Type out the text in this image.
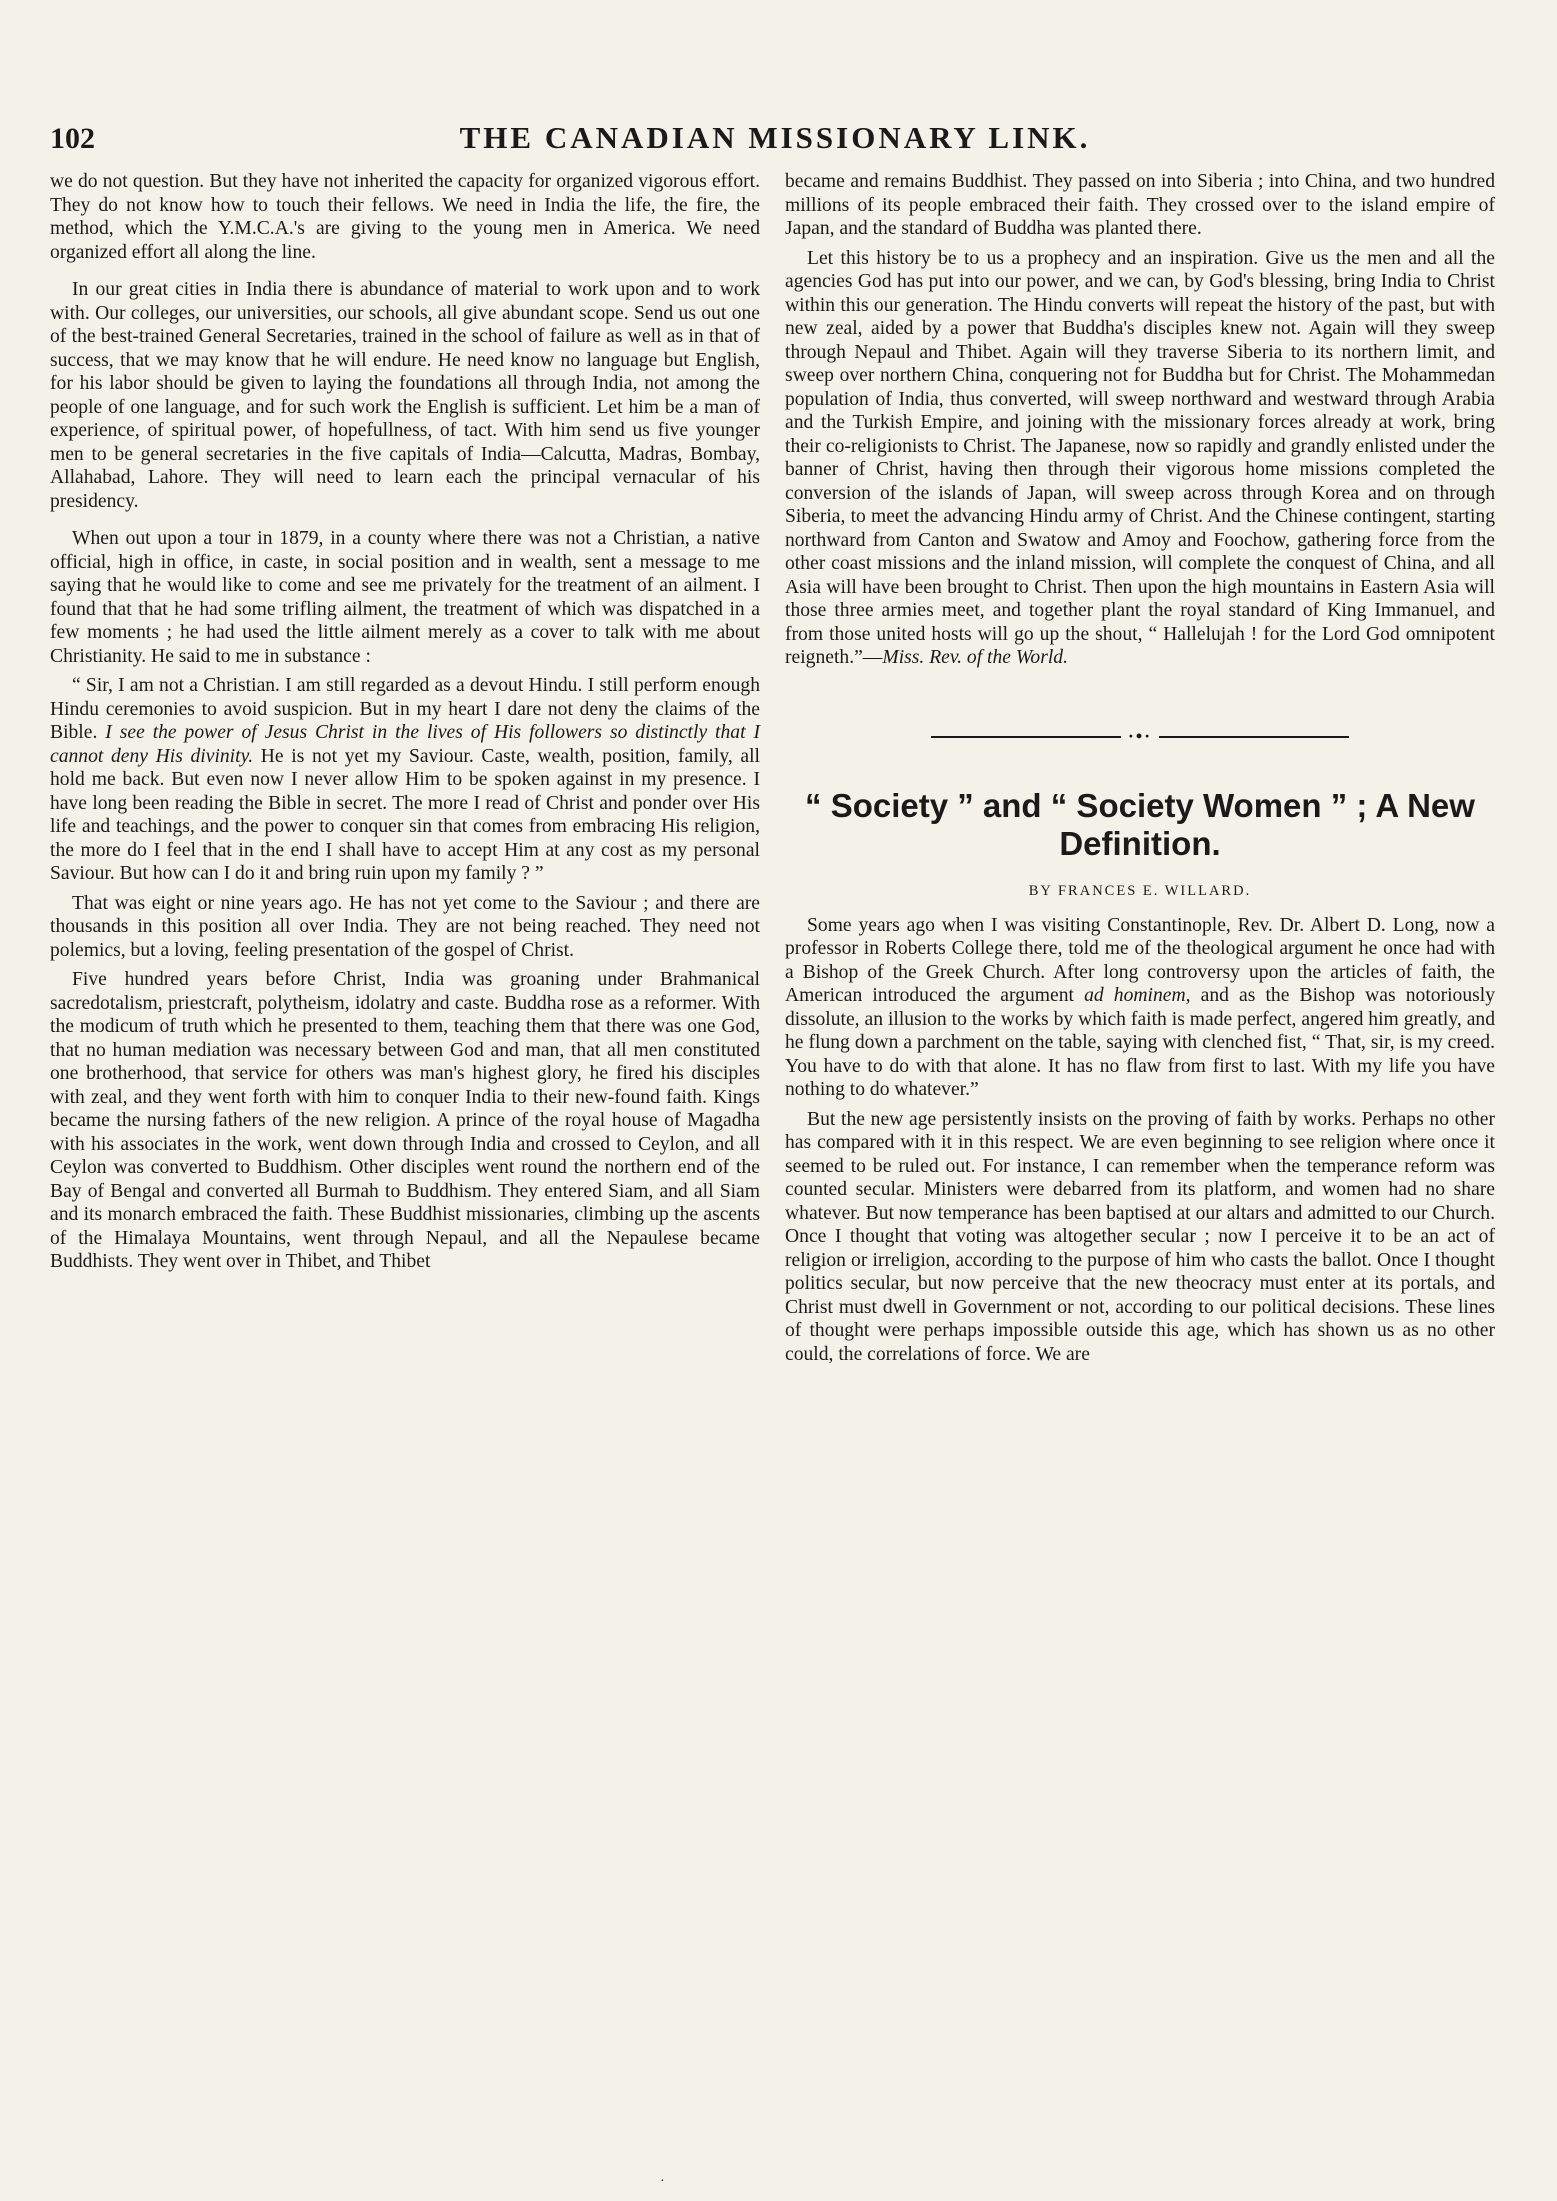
102	THE CANADIAN MISSIONARY LINK.

we do not question. But they have not inherited the capacity for organized vigorous effort. They do not know how to touch their fellows. We need in India the life, the fire, the method, which the Y.M.C.A.'s are giving to the young men in America. We need organized effort all along the line.

In our great cities in India there is abundance of material to work upon and to work with. Our colleges, our universities, our schools, all give abundant scope. Send us out one of the best-trained General Secretaries, trained in the school of failure as well as in that of success, that we may know that he will endure. He need know no language but English, for his labor should be given to laying the foundations all through India, not among the people of one language, and for such work the English is sufficient. Let him be a man of experience, of spiritual power, of hopefullness, of tact. With him send us five younger men to be general secretaries in the five capitals of India—Calcutta, Madras, Bombay, Allahabad, Lahore. They will need to learn each the principal vernacular of his presidency.

When out upon a tour in 1879, in a county where there was not a Christian, a native official, high in office, in caste, in social position and in wealth, sent a message to me saying that he would like to come and see me privately for the treatment of an ailment. I found that that he had some trifling ailment, the treatment of which was dispatched in a few moments ; he had used the little ailment merely as a cover to talk with me about Christianity. He said to me in substance :

“ Sir, I am not a Christian. I am still regarded as a devout Hindu. I still perform enough Hindu ceremonies to avoid suspicion. But in my heart I dare not deny the claims of the Bible. I see the power of Jesus Christ in the lives of His followers so distinctly that I cannot deny His divinity. He is not yet my Saviour. Caste, wealth, position, family, all hold me back. But even now I never allow Him to be spoken against in my presence. I have long been reading the Bible in secret. The more I read of Christ and ponder over His life and teachings, and the power to conquer sin that comes from embracing His religion, the more do I feel that in the end I shall have to accept Him at any cost as my personal Saviour. But how can I do it and bring ruin upon my family ? ”

That was eight or nine years ago. He has not yet come to the Saviour ; and there are thousands in this position all over India. They are not being reached. They need not polemics, but a loving, feeling presentation of the gospel of Christ.

Five hundred years before Christ, India was groaning under Brahmanical sacredotalism, priestcraft, polytheism, idolatry and caste. Buddha rose as a reformer. With the modicum of truth which he presented to them, teaching them that there was one God, that no human mediation was necessary between God and man, that all men constituted one brotherhood, that service for others was man's highest glory, he fired his disciples with zeal, and they went forth with him to conquer India to their new-found faith. Kings became the nursing fathers of the new religion. A prince of the royal house of Magadha with his associates in the work, went down through India and crossed to Ceylon, and all Ceylon was converted to Buddhism. Other disciples went round the northern end of the Bay of Bengal and converted all Burmah to Buddhism. They entered Siam, and all Siam and its monarch embraced the faith. These Buddhist missionaries, climbing up the ascents of the Himalaya Mountains, went through Nepaul, and all the Nepaulese became Buddhists. They went over in Thibet, and Thibet

became and remains Buddhist. They passed on into Siberia ; into China, and two hundred millions of its people embraced their faith. They crossed over to the island empire of Japan, and the standard of Buddha was planted there.

Let this history be to us a prophecy and an inspiration. Give us the men and all the agencies God has put into our power, and we can, by God's blessing, bring India to Christ within this our generation. The Hindu converts will repeat the history of the past, but with new zeal, aided by a power that Buddha's disciples knew not. Again will they sweep through Nepaul and Thibet. Again will they traverse Siberia to its northern limit, and sweep over northern China, conquering not for Buddha but for Christ. The Mohammedan population of India, thus converted, will sweep northward and westward through Arabia and the Turkish Empire, and joining with the missionary forces already at work, bring their co-religionists to Christ. The Japanese, now so rapidly and grandly enlisted under the banner of Christ, having then through their vigorous home missions completed the conversion of the islands of Japan, will sweep across through Korea and on through Siberia, to meet the advancing Hindu army of Christ. And the Chinese contingent, starting northward from Canton and Swatow and Amoy and Foochow, gathering force from the other coast missions and the inland mission, will complete the conquest of China, and all Asia will have been brought to Christ. Then upon the high mountains in Eastern Asia will those three armies meet, and together plant the royal standard of King Immanuel, and from those united hosts will go up the shout, “ Hallelujah ! for the Lord God omnipotent reigneth.”—Miss. Rev. of the World.

·•·
“ Society ” and “ Society Women ” ; A New Definition.
BY FRANCES E. WILLARD.

Some years ago when I was visiting Constantinople, Rev. Dr. Albert D. Long, now a professor in Roberts College there, told me of the theological argument he once had with a Bishop of the Greek Church. After long controversy upon the articles of faith, the American introduced the argument ad hominem, and as the Bishop was notoriously dissolute, an illusion to the works by which faith is made perfect, angered him greatly, and he flung down a parchment on the table, saying with clenched fist, “ That, sir, is my creed. You have to do with that alone. It has no flaw from first to last. With my life you have nothing to do whatever.”

But the new age persistently insists on the proving of faith by works. Perhaps no other has compared with it in this respect. We are even beginning to see religion where once it seemed to be ruled out. For instance, I can remember when the temperance reform was counted secular. Ministers were debarred from its platform, and women had no share whatever. But now temperance has been baptised at our altars and admitted to our Church. Once I thought that voting was altogether secular ; now I perceive it to be an act of religion or irreligion, according to the purpose of him who casts the ballot. Once I thought politics secular, but now perceive that the new theocracy must enter at its portals, and Christ must dwell in Government or not, according to our political decisions. These lines of thought were perhaps impossible outside this age, which has shown us as no other could, the correlations of force. We are

·
